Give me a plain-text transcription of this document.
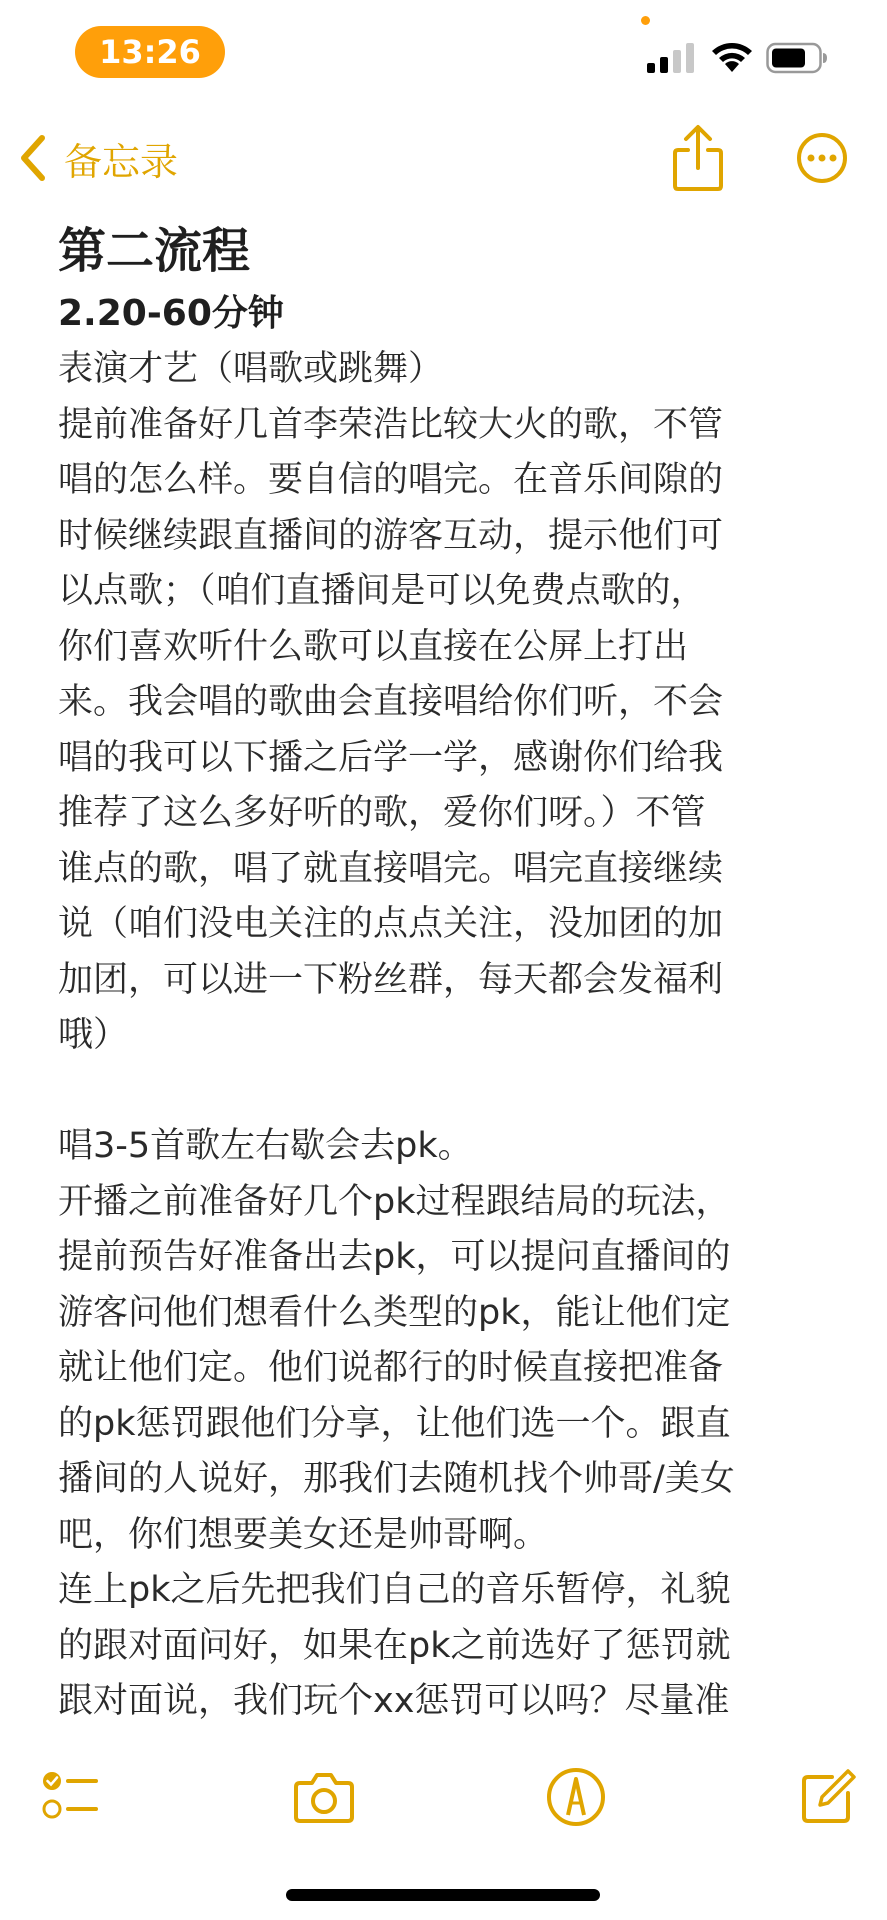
13:26
备忘录
第二流程
2.20-60分钟

表演才艺（唱歌或跳舞）

提前准备好几首李荣浩比较大火的歌，不管

唱的怎么样。要自信的唱完。在音乐间隙的

时候继续跟直播间的游客互动，提示他们可

以点歌；（咱们直播间是可以免费点歌的，

你们喜欢听什么歌可以直接在公屏上打出

来。我会唱的歌曲会直接唱给你们听，不会

唱的我可以下播之后学一学，感谢你们给我

推荐了这么多好听的歌，爱你们呀。）不管

谁点的歌，唱了就直接唱完。唱完直接继续

说（咱们没电关注的点点关注，没加团的加

加团，可以进一下粉丝群，每天都会发福利

哦）

唱3-5首歌左右歇会去pk。

开播之前准备好几个pk过程跟结局的玩法，

提前预告好准备出去pk，可以提问直播间的

游客问他们想看什么类型的pk，能让他们定

就让他们定。他们说都行的时候直接把准备

的pk惩罚跟他们分享，让他们选一个。跟直

播间的人说好，那我们去随机找个帅哥/美女

吧，你们想要美女还是帅哥啊。

连上pk之后先把我们自己的音乐暂停，礼貌

的跟对面问好，如果在pk之前选好了惩罚就

跟对面说，我们玩个xx惩罚可以吗？尽量准
